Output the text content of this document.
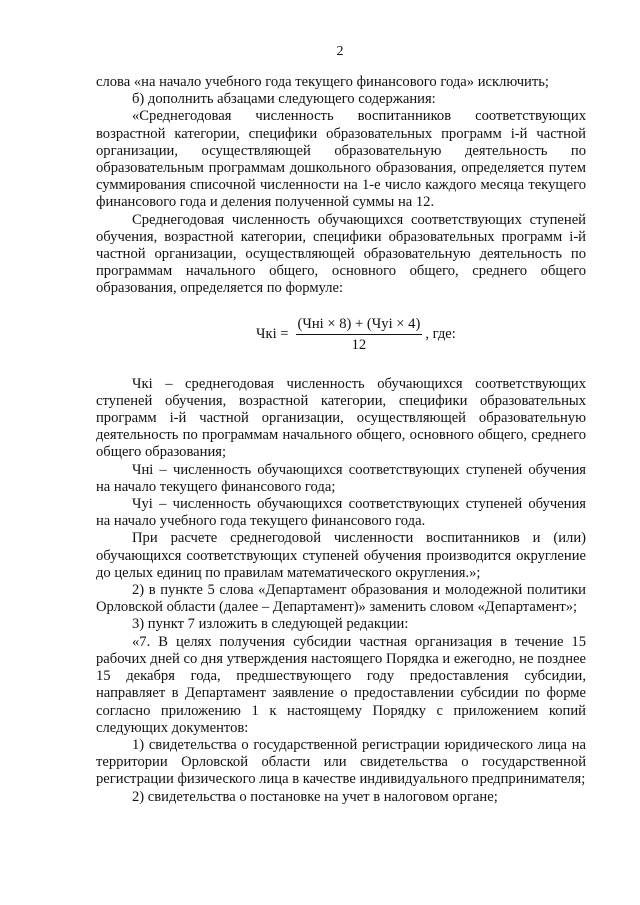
2

слова «на начало учебного года текущего финансового года» исключить;

б) дополнить абзацами следующего содержания:

«Среднегодовая численность воспитанников соответствующих возрастной категории, специфики образовательных программ i-й частной организации, осуществляющей образовательную деятельность по образовательным программам дошкольного образования, определяется путем суммирования списочной численности на 1-е число каждого месяца текущего финансового года и деления полученной суммы на 12.

Среднегодовая численность обучающихся соответствующих ступеней обучения, возрастной категории, специфики образовательных программ i-й частной организации, осуществляющей образовательную деятельность по программам начального общего, основного общего, среднего общего образования, определяется по формуле:

Чкi = $\frac{\text{(Чнi × 8) + (Чуi × 4)}}{12}$ , где:

Чкi – среднегодовая численность обучающихся соответствующих ступеней обучения, возрастной категории, специфики образовательных программ i-й частной организации, осуществляющей образовательную деятельность по программам начального общего, основного общего, среднего общего образования;

Чнi – численность обучающихся соответствующих ступеней обучения на начало текущего финансового года;

Чуi – численность обучающихся соответствующих ступеней обучения на начало учебного года текущего финансового года.

При расчете среднегодовой численности воспитанников и (или) обучающихся соответствующих ступеней обучения производится округление до целых единиц по правилам математического округления.»;

2) в пункте 5 слова «Департамент образования и молодежной политики Орловской области (далее – Департамент)» заменить словом «Департамент»;

3) пункт 7 изложить в следующей редакции:

«7. В целях получения субсидии частная организация в течение 15 рабочих дней со дня утверждения настоящего Порядка и ежегодно, не позднее 15 декабря года, предшествующего году предоставления субсидии, направляет в Департамент заявление о предоставлении субсидии по форме согласно приложению 1 к настоящему Порядку с приложением копий следующих документов:

1) свидетельства о государственной регистрации юридического лица на территории Орловской области или свидетельства о государственной регистрации физического лица в качестве индивидуального предпринимателя;

2) свидетельства о постановке на учет в налоговом органе;
